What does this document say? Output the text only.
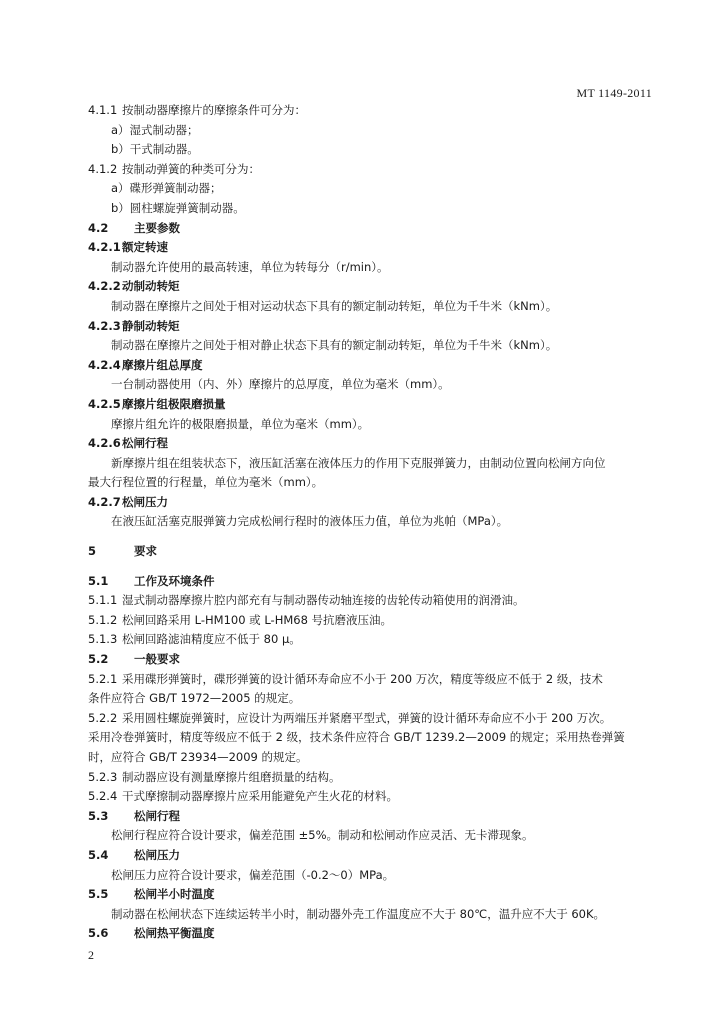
MT 1149-2011
4.1.1 按制动器摩擦片的摩擦条件可分为：
a）湿式制动器；
b）干式制动器。
4.1.2 按制动弹簧的种类可分为：
a）碟形弹簧制动器；
b）圆柱螺旋弹簧制动器。
4.2 主要参数
4.2.1额定转速
制动器允许使用的最高转速，单位为转每分（r/min）。
4.2.2动制动转矩
制动器在摩擦片之间处于相对运动状态下具有的额定制动转矩，单位为千牛米（kNm）。
4.2.3静制动转矩
制动器在摩擦片之间处于相对静止状态下具有的额定制动转矩，单位为千牛米（kNm）。
4.2.4摩擦片组总厚度
一台制动器使用（内、外）摩擦片的总厚度，单位为毫米（mm）。
4.2.5摩擦片组极限磨损量
摩擦片组允许的极限磨损量，单位为毫米（mm）。
4.2.6松闸行程
新摩擦片组在组装状态下，液压缸活塞在液体压力的作用下克服弹簧力，由制动位置向松闸方向位
最大行程位置的行程量，单位为毫米（mm）。
4.2.7松闸压力
在液压缸活塞克服弹簧力完成松闸行程时的液体压力值，单位为兆帕（MPa）。
5	要求
5.1 工作及环境条件
5.1.1 湿式制动器摩擦片腔内部充有与制动器传动轴连接的齿轮传动箱使用的润滑油。
5.1.2 松闸回路采用 L-HM100 或 L-HM68 号抗磨液压油。
5.1.3 松闸回路滤油精度应不低于 80 μ。
5.2 一般要求
5.2.1 采用碟形弹簧时，碟形弹簧的设计循环寿命应不小于 200 万次，精度等级应不低于 2 级，技术
条件应符合 GB/T 1972—2005 的规定。
5.2.2 采用圆柱螺旋弹簧时，应设计为两端压并紧磨平型式，弹簧的设计循环寿命应不小于 200 万次。
采用冷卷弹簧时，精度等级应不低于 2 级，技术条件应符合 GB/T 1239.2—2009 的规定；采用热卷弹簧
时，应符合 GB/T 23934—2009 的规定。
5.2.3 制动器应设有测量摩擦片组磨损量的结构。
5.2.4 干式摩擦制动器摩擦片应采用能避免产生火花的材料。
5.3 松闸行程
松闸行程应符合设计要求，偏差范围 ±5%。制动和松闸动作应灵活、无卡滞现象。
5.4 松闸压力
松闸压力应符合设计要求，偏差范围（-0.2～0）MPa。
5.5 松闸半小时温度
制动器在松闸状态下连续运转半小时，制动器外壳工作温度应不大于 80℃，温升应不大于 60K。
5.6 松闸热平衡温度
2
